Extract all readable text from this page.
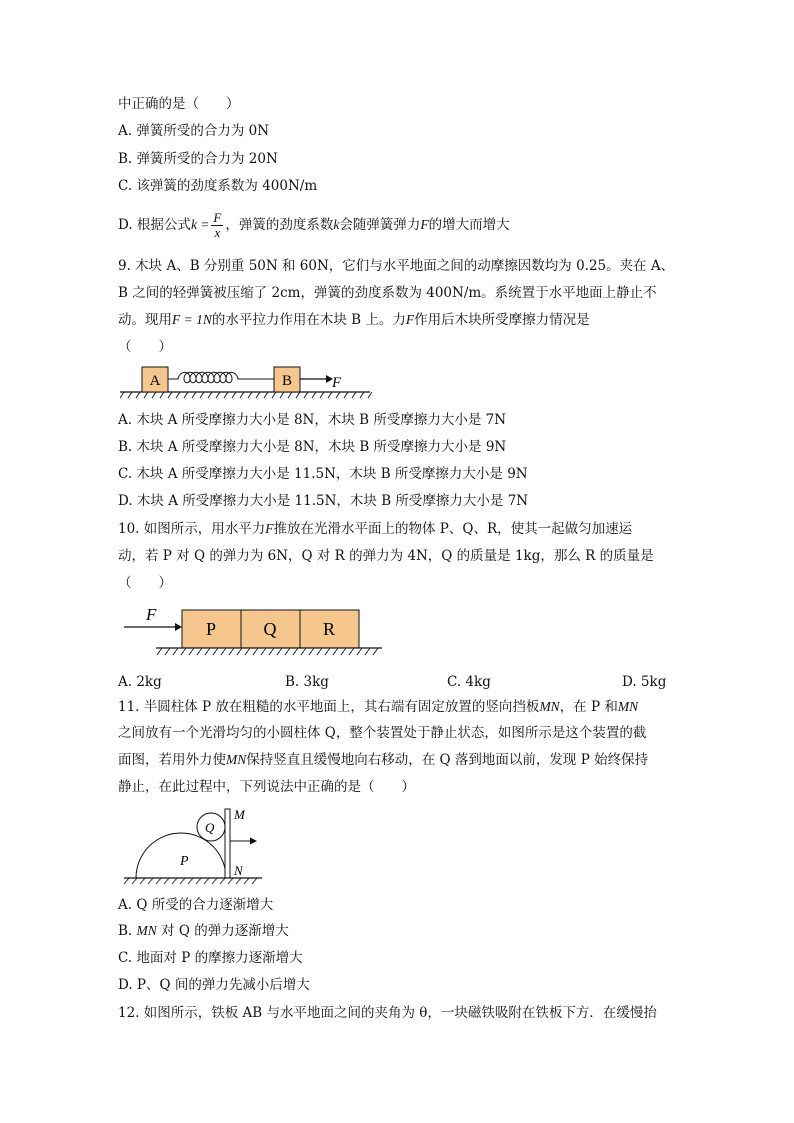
中正确的是（　　）
A. 弹簧所受的合力为 0N
B. 弹簧所受的合力为 20N
C. 该弹簧的劲度系数为 400N/m
D. 根据公式$k = \frac{F}{x}$ ，弹簧的劲度系数k会随弹簧弹力F的增大而增大
9. 木块 A、B 分别重 50N 和 60N，它们与水平地面之间的动摩擦因数均为 0.25。夹在 A、
B 之间的轻弹簧被压缩了 2cm，弹簧的劲度系数为 400N/m。系统置于水平地面上静止不
动。现用F = 1N的水平拉力作用在木块 B 上。力F作用后木块所受摩擦力情况是
（　　）
A	B	F
A. 木块 A 所受摩擦力大小是 8N，木块 B 所受摩擦力大小是 7N
B. 木块 A 所受摩擦力大小是 8N，木块 B 所受摩擦力大小是 9N
C. 木块 A 所受摩擦力大小是 11.5N，木块 B 所受摩擦力大小是 9N
D. 木块 A 所受摩擦力大小是 11.5N，木块 B 所受摩擦力大小是 7N
10. 如图所示，用水平力F推放在光滑水平面上的物体 P、Q、R，使其一起做匀加速运
动，若 P 对 Q 的弹力为 6N，Q 对 R 的弹力为 4N，Q 的质量是 1kg，那么 R 的质量是
（　　）
F
P	Q	R
A. 2kg	B. 3kg	C. 4kg	D. 5kg
11. 半圆柱体 P 放在粗糙的水平地面上，其右端有固定放置的竖向挡板MN，在 P 和MN
之间放有一个光滑均匀的小圆柱体 Q，整个装置处于静止状态，如图所示是这个装置的截
面图，若用外力使MN保持竖直且缓慢地向右移动，在 Q 落到地面以前，发现 P 始终保持
静止，在此过程中，下列说法中正确的是（　　）
P
Q
M
N
A. Q 所受的合力逐渐增大
B. MN 对 Q 的弹力逐渐增大
C. 地面对 P 的摩擦力逐渐增大
D. P、Q 间的弹力先减小后增大
12. 如图所示，铁板 AB 与水平地面之间的夹角为 θ，一块磁铁吸附在铁板下方．在缓慢抬
